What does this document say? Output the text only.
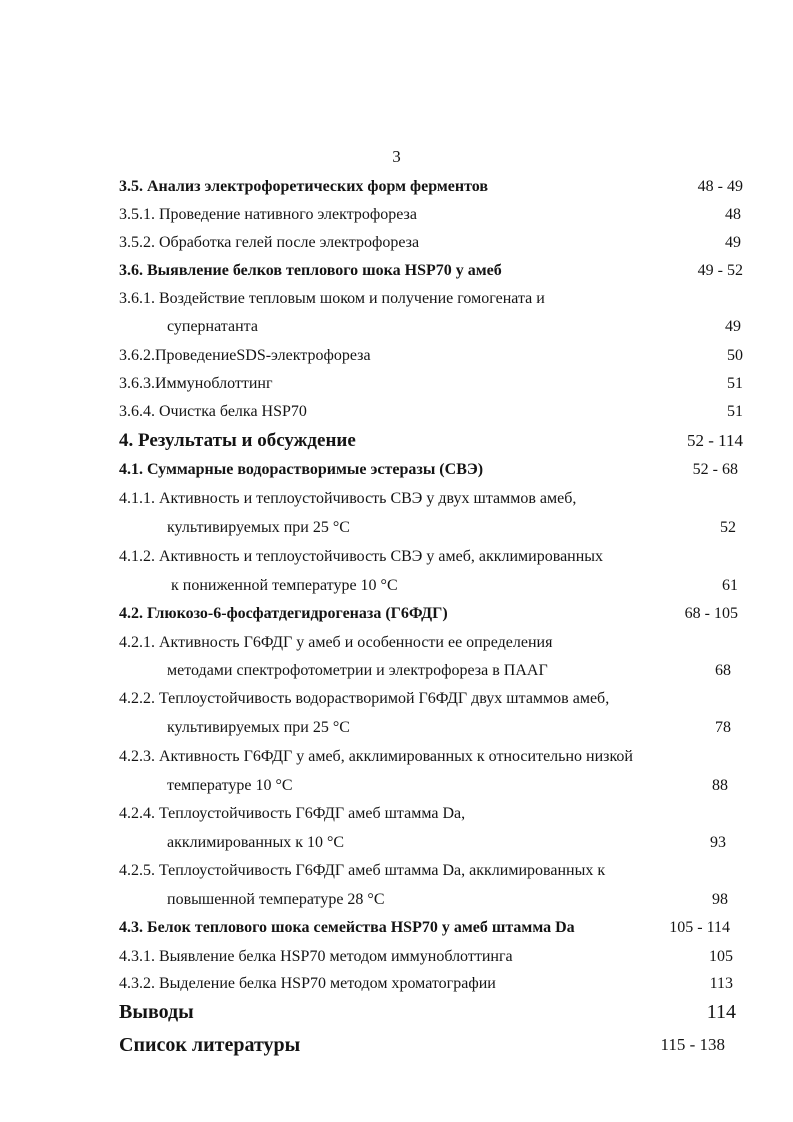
3
3.5. Анализ электрофоретических форм ферментов	48 - 49
3.5.1. Проведение нативного электрофореза	48
3.5.2. Обработка гелей после электрофореза	49
3.6. Выявление белков теплового шока HSP70 у амеб	49 - 52
3.6.1. Воздействие тепловым шоком и получение гомогената и
супернатанта	49
3.6.2.ПроведениеSDS-электрофореза	50
3.6.3.Иммуноблоттинг	51
3.6.4. Очистка белка HSP70	51
4. Результаты и обсуждение	52 - 114
4.1. Суммарные водорастворимые эстеразы (СВЭ)	52 - 68
4.1.1. Активность и теплоустойчивость СВЭ у двух штаммов амеб,
культивируемых при 25 °С	52
4.1.2. Активность и теплоустойчивость СВЭ у амеб, акклимированных
к пониженной температуре 10 °С	61
4.2. Глюкозо-6-фосфатдегидрогеназа (Г6ФДГ)	68 - 105
4.2.1. Активность Г6ФДГ у амеб и особенности ее определения
методами спектрофотометрии и электрофореза в ПААГ	68
4.2.2. Теплоустойчивость водорастворимой Г6ФДГ двух штаммов амеб,
культивируемых при 25 °С	78
4.2.3. Активность Г6ФДГ у амеб, акклимированных к относительно низкой
температуре 10 °С	88
4.2.4. Теплоустойчивость Г6ФДГ амеб штамма Da,
акклимированных к 10 °С	93
4.2.5. Теплоустойчивость Г6ФДГ амеб штамма Da, акклимированных к
повышенной температуре 28 °С	98
4.3. Белок теплового шока семейства HSP70 у амеб штамма Da	105 - 114
4.3.1. Выявление белка HSP70 методом иммуноблоттинга	105
4.3.2. Выделение белка HSP70 методом хроматографии	113
Выводы	114
Список литературы	115 - 138
